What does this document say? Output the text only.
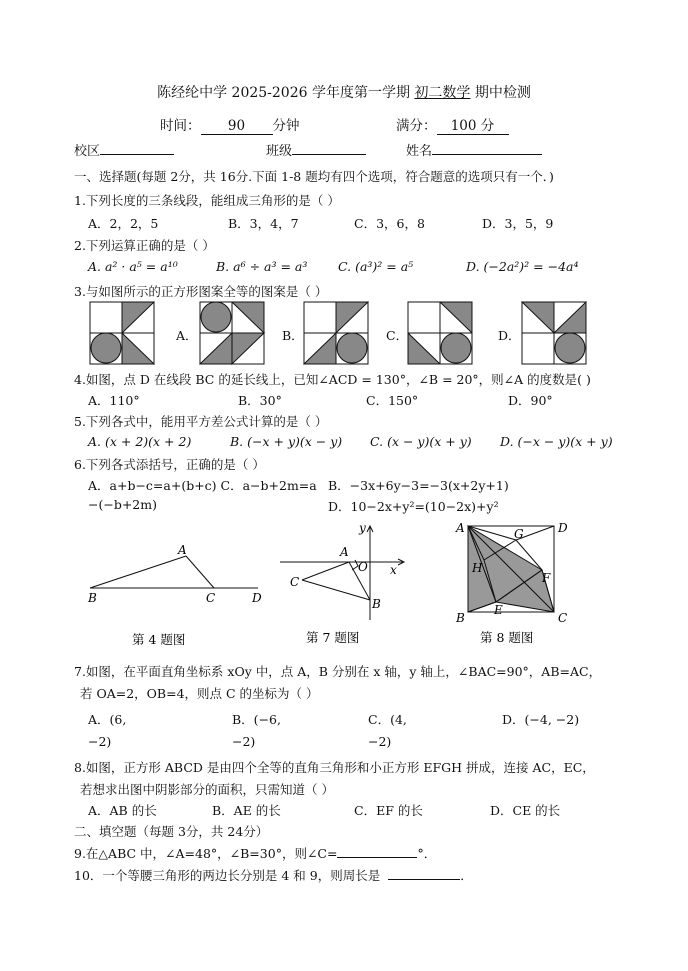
陈经纶中学 2025-2026 学年度第一学期 初二数学 期中检测
时间： 90 分钟	满分： 100 分
校区	班级	姓名
一、选择题(每题 2分，共 16分.下面 1-8 题均有四个选项，符合题意的选项只有一个．)
1.下列长度的三条线段，能组成三角形的是（ ）
A．2，2，5	B．3，4，7	C．3，6，8	D．3，5，9
2.下列运算正确的是（ ）
A. a² · a⁵ = a¹⁰	B. a⁶ ÷ a³ = a³ C. (a³)² = a⁵	D. (−2a²)² = −4a⁴
3.与如图所示的正方形图案全等的图案是（ ）
A．	B．	C．	D．
4.如图，点 D 在线段 BC 的延长线上，已知∠ACD = 130°，∠B = 20°，则∠A 的度数是( )
A．110°	B．30°	C．150°	D．90°
5.下列各式中，能用平方差公式计算的是（ ）
A. (x + 2)(x + 2)	B. (−x + y)(x − y) C. (x − y)(x + y) D. (−x − y)(x + y)
6.下列各式添括号，正确的是（ ）
A．a+b−c=a+(b+c) C．a−b+2m=a B．−3x+6y−3=−3(x+2y+1)
−(−b+2m)	D．10−2x+y²=(10−2x)+y²
A
B	C	D
第 4 题图
y
A
O x
C
B
第 7 题图
A	D
G
H
F
E
B	C
第 8 题图
7.如图，在平面直角坐标系 xOy 中，点 A，B 分别在 x 轴，y 轴上，∠BAC=90°，AB=AC，
若 OA=2，OB=4，则点 C 的坐标为（ ）
A．(6,
−2)
B．(−6,
−2)
C．(4,
−2)
D．(−4, −2)
8.如图，正方形 ABCD 是由四个全等的直角三角形和小正方形 EFGH 拼成，连接 AC，EC，
若想求出图中阴影部分的面积，只需知道（ ）
A．AB 的长	B．AE 的长	C．EF 的长	D．CE 的长
二、填空题（每题 3分，共 24分）
9.在△ABC 中，∠A=48°，∠B=30°，则∠C=	°．
10．一个等腰三角形的两边长分别是 4 和 9，则周长是	．
